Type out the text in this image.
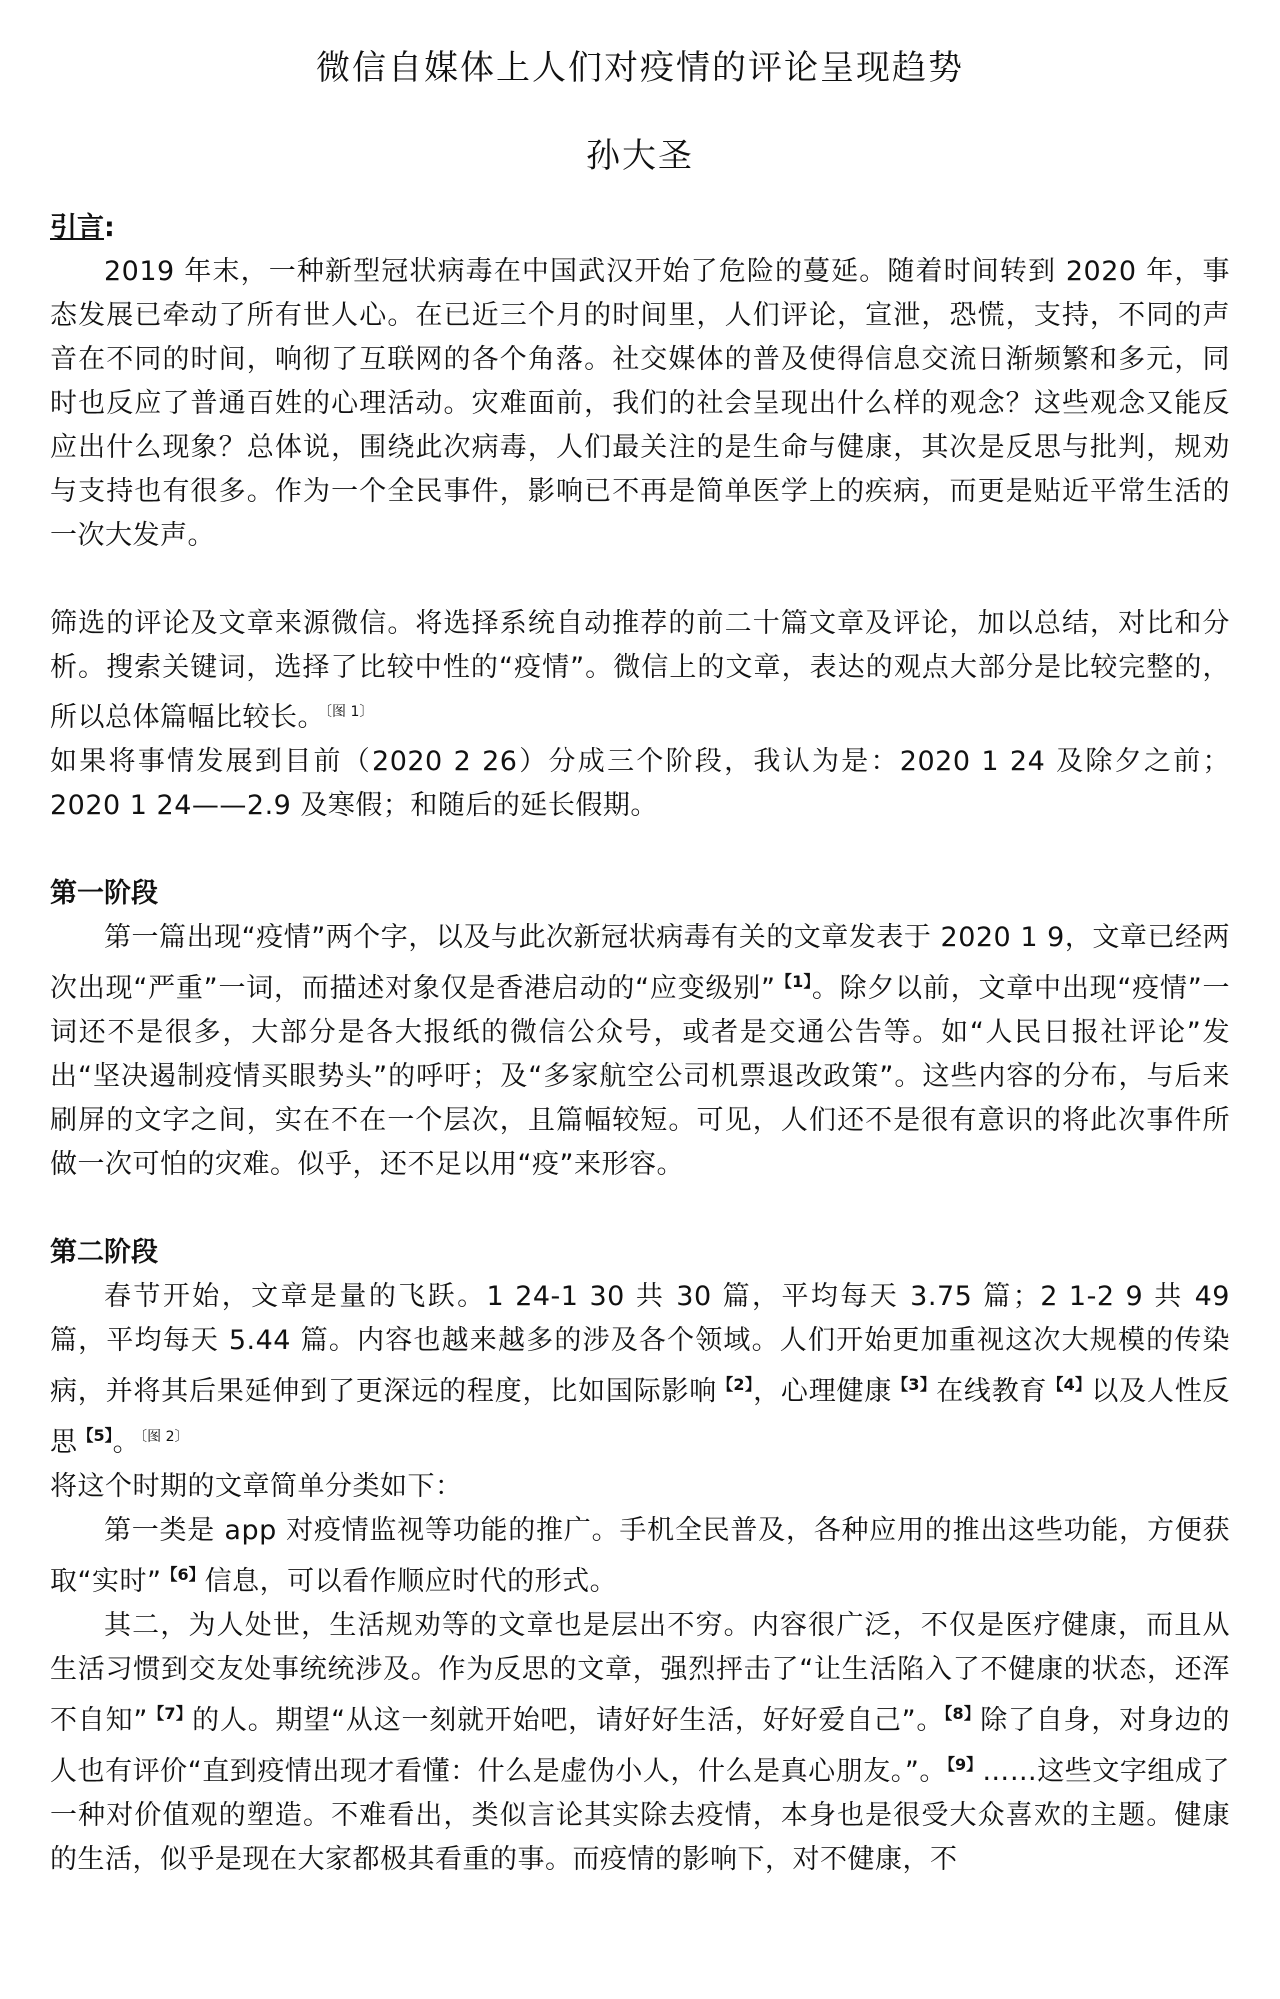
微信自媒体上人们对疫情的评论呈现趋势
孙大圣
引言:

2019 年末，一种新型冠状病毒在中国武汉开始了危险的蔓延。随着时间转到 2020 年，事态发展已牵动了所有世人心。在已近三个月的时间里，人们评论，宣泄，恐慌，支持，不同的声音在不同的时间，响彻了互联网的各个角落。社交媒体的普及使得信息交流日渐频繁和多元，同时也反应了普通百姓的心理活动。灾难面前，我们的社会呈现出什么样的观念？这些观念又能反应出什么现象？总体说，围绕此次病毒，人们最关注的是生命与健康，其次是反思与批判，规劝与支持也有很多。作为一个全民事件，影响已不再是简单医学上的疾病，而更是贴近平常生活的一次大发声。

筛选的评论及文章来源微信。将选择系统自动推荐的前二十篇文章及评论，加以总结，对比和分析。搜索关键词，选择了比较中性的“疫情”。微信上的文章，表达的观点大部分是比较完整的，所以总体篇幅比较长。$^{〔图 1〕}$

如果将事情发展到目前（2020 2 26）分成三个阶段，我认为是：2020 1 24 及除夕之前；2020 1 24——2.9 及寒假；和随后的延长假期。

第一阶段

第一篇出现“疫情”两个字，以及与此次新冠状病毒有关的文章发表于 2020 1 9，文章已经两次出现“严重”一词，而描述对象仅是香港启动的“应变级别”$^{【1】}$。除夕以前，文章中出现“疫情”一词还不是很多，大部分是各大报纸的微信公众号，或者是交通公告等。如“人民日报社评论”发出“坚决遏制疫情买眼势头”的呼吁；及“多家航空公司机票退改政策”。这些内容的分布，与后来刷屏的文字之间，实在不在一个层次，且篇幅较短。可见，人们还不是很有意识的将此次事件所做一次可怕的灾难。似乎，还不足以用“疫”来形容。

第二阶段

春节开始，文章是量的飞跃。1 24-1 30 共 30 篇，平均每天 3.75 篇；2 1-2 9 共 49 篇，平均每天 5.44 篇。内容也越来越多的涉及各个领域。人们开始更加重视这次大规模的传染病，并将其后果延伸到了更深远的程度，比如国际影响$^{【2】}$，心理健康$^{【3】}$在线教育$^{【4】}$以及人性反思$^{【5】}$。$^{〔图 2〕}$

将这个时期的文章简单分类如下：

第一类是 app 对疫情监视等功能的推广。手机全民普及，各种应用的推出这些功能，方便获取“实时”$^{【6】}$信息，可以看作顺应时代的形式。

其二，为人处世，生活规劝等的文章也是层出不穷。内容很广泛，不仅是医疗健康，而且从生活习惯到交友处事统统涉及。作为反思的文章，强烈抨击了“让生活陷入了不健康的状态，还浑不自知”$^{【7】}$的人。期望“从这一刻就开始吧，请好好生活，好好爱自己”。$^{【8】}$除了自身，对身边的人也有评价“直到疫情出现才看懂：什么是虚伪小人，什么是真心朋友。”。$^{【9】}$……这些文字组成了一种对价值观的塑造。不难看出，类似言论其实除去疫情，本身也是很受大众喜欢的主题。健康的生活，似乎是现在大家都极其看重的事。而疫情的影响下，对不健康，不
